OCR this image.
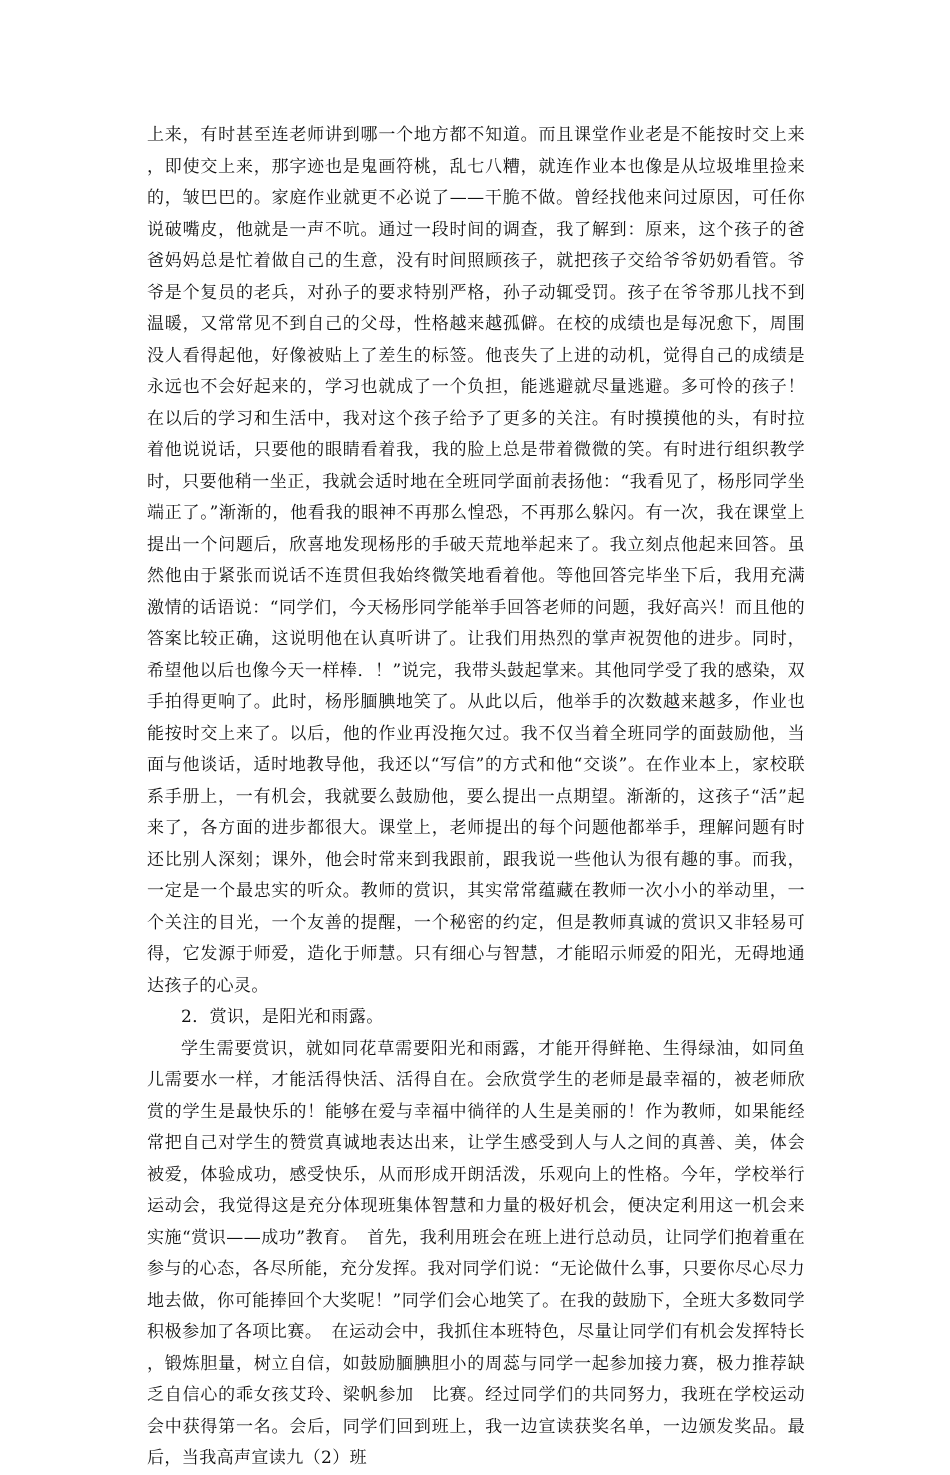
上来，有时甚至连老师讲到哪一个地方都不知道。而且课堂作业老是不能按时交上来，即使交上来，那字迹也是鬼画符桃，乱七八糟，就连作业本也像是从垃圾堆里捡来的，皱巴巴的。家庭作业就更不必说了——干脆不做。曾经找他来问过原因，可任你说破嘴皮，他就是一声不吭。通过一段时间的调查，我了解到：原来，这个孩子的爸爸妈妈总是忙着做自己的生意，没有时间照顾孩子，就把孩子交给爷爷奶奶看管。爷爷是个复员的老兵，对孙子的要求特别严格，孙子动辄受罚。孩子在爷爷那儿找不到温暖，又常常见不到自己的父母，性格越来越孤僻。在校的成绩也是每况愈下，周围没人看得起他，好像被贴上了差生的标签。他丧失了上进的动机，觉得自己的成绩是永远也不会好起来的，学习也就成了一个负担，能逃避就尽量逃避。多可怜的孩子！在以后的学习和生活中，我对这个孩子给予了更多的关注。有时摸摸他的头，有时拉着他说说话，只要他的眼睛看着我，我的脸上总是带着微微的笑。有时进行组织教学时，只要他稍一坐正，我就会适时地在全班同学面前表扬他：“我看见了，杨彤同学坐端正了。”渐渐的，他看我的眼神不再那么惶恐，不再那么躲闪。有一次，我在课堂上提出一个问题后，欣喜地发现杨彤的手破天荒地举起来了。我立刻点他起来回答。虽然他由于紧张而说话不连贯但我始终微笑地看着他。等他回答完毕坐下后，我用充满激情的话语说：“同学们，今天杨彤同学能举手回答老师的问题，我好高兴！而且他的答案比较正确，这说明他在认真听讲了。让我们用热烈的掌声祝贺他的进步。同时，希望他以后也像今天一样棒．！”说完，我带头鼓起掌来。其他同学受了我的感染，双手拍得更响了。此时，杨彤腼腆地笑了。从此以后，他举手的次数越来越多，作业也能按时交上来了。以后，他的作业再没拖欠过。我不仅当着全班同学的面鼓励他，当面与他谈话，适时地教导他，我还以“写信”的方式和他“交谈”。在作业本上，家校联系手册上，一有机会，我就要么鼓励他，要么提出一点期望。渐渐的，这孩子“活”起来了，各方面的进步都很大。课堂上，老师提出的每个问题他都举手，理解问题有时还比别人深刻；课外，他会时常来到我跟前，跟我说一些他认为很有趣的事。而我，一定是一个最忠实的听众。教师的赏识，其实常常蕴藏在教师一次小小的举动里，一个关注的目光，一个友善的提醒，一个秘密的约定，但是教师真诚的赏识又非轻易可得，它发源于师爱，造化于师慧。只有细心与智慧，才能昭示师爱的阳光，无碍地通达孩子的心灵。

2．赏识，是阳光和雨露。

学生需要赏识，就如同花草需要阳光和雨露，才能开得鲜艳、生得绿油，如同鱼儿需要水一样，才能活得快活、活得自在。会欣赏学生的老师是最幸福的，被老师欣赏的学生是最快乐的！能够在爱与幸福中徜徉的人生是美丽的！作为教师，如果能经常把自己对学生的赞赏真诚地表达出来，让学生感受到人与人之间的真善、美，体会被爱，体验成功，感受快乐，从而形成开朗活泼，乐观向上的性格。今年，学校举行运动会，我觉得这是充分体现班集体智慧和力量的极好机会，便决定利用这一机会来实施“赏识——成功”教育。　首先，我利用班会在班上进行总动员，让同学们抱着重在参与的心态，各尽所能，充分发挥。我对同学们说：“无论做什么事，只要你尽心尽力地去做，你可能捧回个大奖呢！”同学们会心地笑了。在我的鼓励下，全班大多数同学积极参加了各项比赛。　在运动会中，我抓住本班特色，尽量让同学们有机会发挥特长，锻炼胆量，树立自信，如鼓励腼腆胆小的周蕊与同学一起参加接力赛，极力推荐缺乏自信心的乖女孩艾玲、梁帆参加　比赛。经过同学们的共同努力，我班在学校运动会中获得第一名。会后，同学们回到班上，我一边宣读获奖名单，一边颁发奖品。最后，当我高声宣读九（2）班
